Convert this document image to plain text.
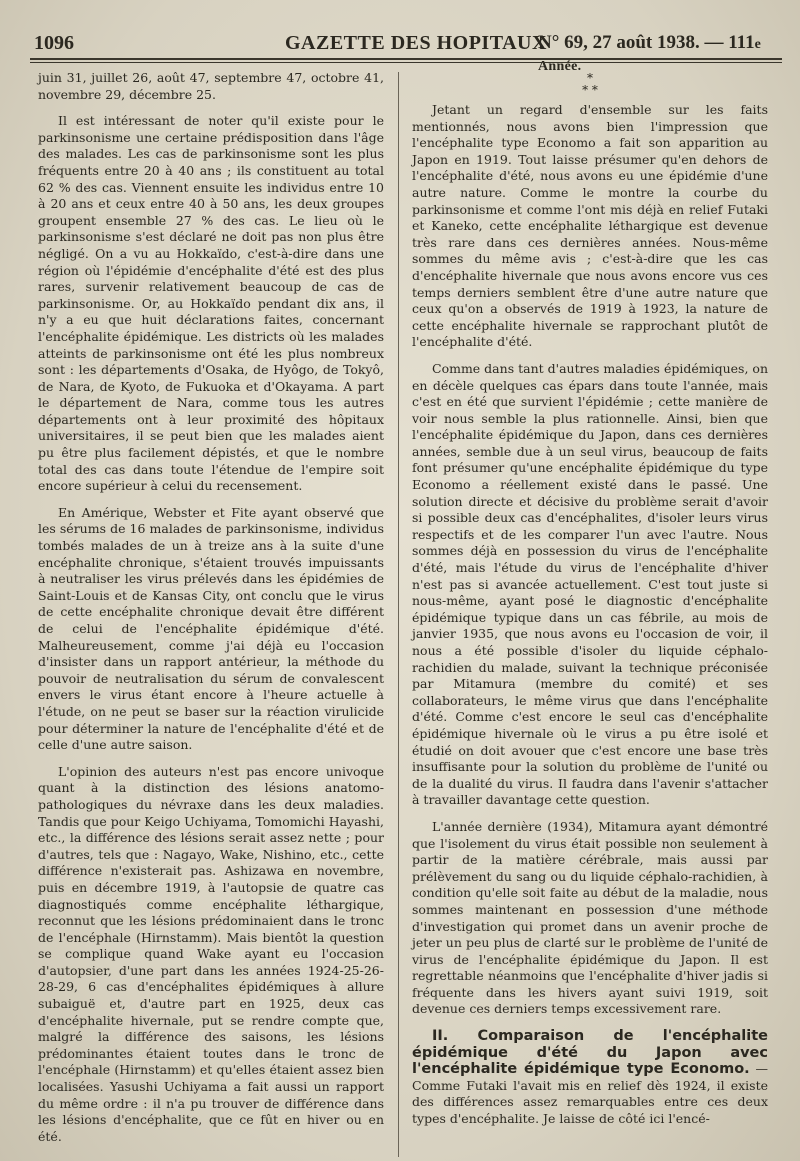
1096	GAZETTE DES HOPITAUX
N° 69, 27 août 1938. — 111e Année.

juin 31, juillet 26, août 47, septembre 47, octobre 41, novembre 29, décembre 25.

Il est intéressant de noter qu'il existe pour le parkinsonisme une certaine prédisposition dans l'âge des malades. Les cas de parkinsonisme sont les plus fréquents entre 20 à 40 ans ; ils constituent au total 62 % des cas. Viennent ensuite les individus entre 10 à 20 ans et ceux entre 40 à 50 ans, les deux groupes groupent ensemble 27 % des cas. Le lieu où le parkinsonisme s'est déclaré ne doit pas non plus être négligé. On a vu au Hokkaïdo, c'est-à-dire dans une région où l'épidémie d'encéphalite d'été est des plus rares, survenir relativement beaucoup de cas de parkinsonisme. Or, au Hokkaïdo pendant dix ans, il n'y a eu que huit déclarations faites, concernant l'encéphalite épidémique. Les districts où les malades atteints de parkinsonisme ont été les plus nombreux sont : les départements d'Osaka, de Hyôgo, de Tokyô, de Nara, de Kyoto, de Fukuoka et d'Okayama. A part le département de Nara, comme tous les autres départements ont à leur proximité des hôpitaux universitaires, il se peut bien que les malades aient pu être plus facilement dépistés, et que le nombre total des cas dans toute l'étendue de l'empire soit encore supérieur à celui du recensement.

En Amérique, Webster et Fite ayant observé que les sérums de 16 malades de parkinsonisme, individus tombés malades de un à treize ans à la suite d'une encéphalite chronique, s'étaient trouvés impuissants à neutraliser les virus prélevés dans les épidémies de Saint-Louis et de Kansas City, ont conclu que le virus de cette encéphalite chronique devait être différent de celui de l'encéphalite épidémique d'été. Malheureusement, comme j'ai déjà eu l'occasion d'insister dans un rapport antérieur, la méthode du pouvoir de neutralisation du sérum de convalescent envers le virus étant encore à l'heure actuelle à l'étude, on ne peut se baser sur la réaction virulicide pour déterminer la nature de l'encéphalite d'été et de celle d'une autre saison.

L'opinion des auteurs n'est pas encore univoque quant à la distinction des lésions anatomo-pathologiques du névraxe dans les deux maladies. Tandis que pour Keigo Uchiyama, Tomomichi Hayashi, etc., la différence des lésions serait assez nette ; pour d'autres, tels que : Nagayo, Wake, Nishino, etc., cette différence n'existerait pas. Ashizawa en novembre, puis en décembre 1919, à l'autopsie de quatre cas diagnostiqués comme encéphalite léthargique, reconnut que les lésions prédominaient dans le tronc de l'encéphale (Hirnstamm). Mais bientôt la question se complique quand Wake ayant eu l'occasion d'autopsier, d'une part dans les années 1924-25-26-28-29, 6 cas d'encéphalites épidémiques à allure subaiguë et, d'autre part en 1925, deux cas d'encéphalite hivernale, put se rendre compte que, malgré la différence des saisons, les lésions prédominantes étaient toutes dans le tronc de l'encéphale (Hirnstamm) et qu'elles étaient assez bien localisées. Yasushi Uchiyama a fait aussi un rapport du même ordre : il n'a pu trouver de différence dans les lésions d'encéphalite, que ce fût en hiver ou en été.

*
* *

Jetant un regard d'ensemble sur les faits mentionnés, nous avons bien l'impression que l'encéphalite type Economo a fait son apparition au Japon en 1919. Tout laisse présumer qu'en dehors de l'encéphalite d'été, nous avons eu une épidémie d'une autre nature. Comme le montre la courbe du parkinsonisme et comme l'ont mis déjà en relief Futaki et Kaneko, cette encéphalite léthargique est devenue très rare dans ces dernières années. Nous-même sommes du même avis ; c'est-à-dire que les cas d'encéphalite hivernale que nous avons encore vus ces temps derniers semblent être d'une autre nature que ceux qu'on a observés de 1919 à 1923, la nature de cette encéphalite hivernale se rapprochant plutôt de l'encéphalite d'été.

Comme dans tant d'autres maladies épidémiques, on en décèle quelques cas épars dans toute l'année, mais c'est en été que survient l'épidémie ; cette manière de voir nous semble la plus rationnelle. Ainsi, bien que l'encéphalite épidémique du Japon, dans ces dernières années, semble due à un seul virus, beaucoup de faits font présumer qu'une encéphalite épidémique du type Economo a réellement existé dans le passé. Une solution directe et décisive du problème serait d'avoir si possible deux cas d'encéphalites, d'isoler leurs virus respectifs et de les comparer l'un avec l'autre. Nous sommes déjà en possession du virus de l'encéphalite d'été, mais l'étude du virus de l'encéphalite d'hiver n'est pas si avancée actuellement. C'est tout juste si nous-même, ayant posé le diagnostic d'encéphalite épidémique typique dans un cas fébrile, au mois de janvier 1935, que nous avons eu l'occasion de voir, il nous a été possible d'isoler du liquide céphalo-rachidien du malade, suivant la technique préconisée par Mitamura (membre du comité) et ses collaborateurs, le même virus que dans l'encéphalite d'été. Comme c'est encore le seul cas d'encéphalite épidémique hivernale où le virus a pu être isolé et étudié on doit avouer que c'est encore une base très insuffisante pour la solution du problème de l'unité ou de la dualité du virus. Il faudra dans l'avenir s'attacher à travailler davantage cette question.

L'année dernière (1934), Mitamura ayant démontré que l'isolement du virus était possible non seulement à partir de la matière cérébrale, mais aussi par prélèvement du sang ou du liquide céphalo-rachidien, à condition qu'elle soit faite au début de la maladie, nous sommes maintenant en possession d'une méthode d'investigation qui promet dans un avenir proche de jeter un peu plus de clarté sur le problème de l'unité de virus de l'encéphalite épidémique du Japon. Il est regrettable néanmoins que l'encéphalite d'hiver jadis si fréquente dans les hivers ayant suivi 1919, soit devenue ces derniers temps excessivement rare.

II. Comparaison de l'encéphalite épidémique d'été du Japon avec l'encéphalite épidémique type Economo. — Comme Futaki l'avait mis en relief dès 1924, il existe des différences assez remarquables entre ces deux types d'encéphalite. Je laisse de côté ici l'encé-
